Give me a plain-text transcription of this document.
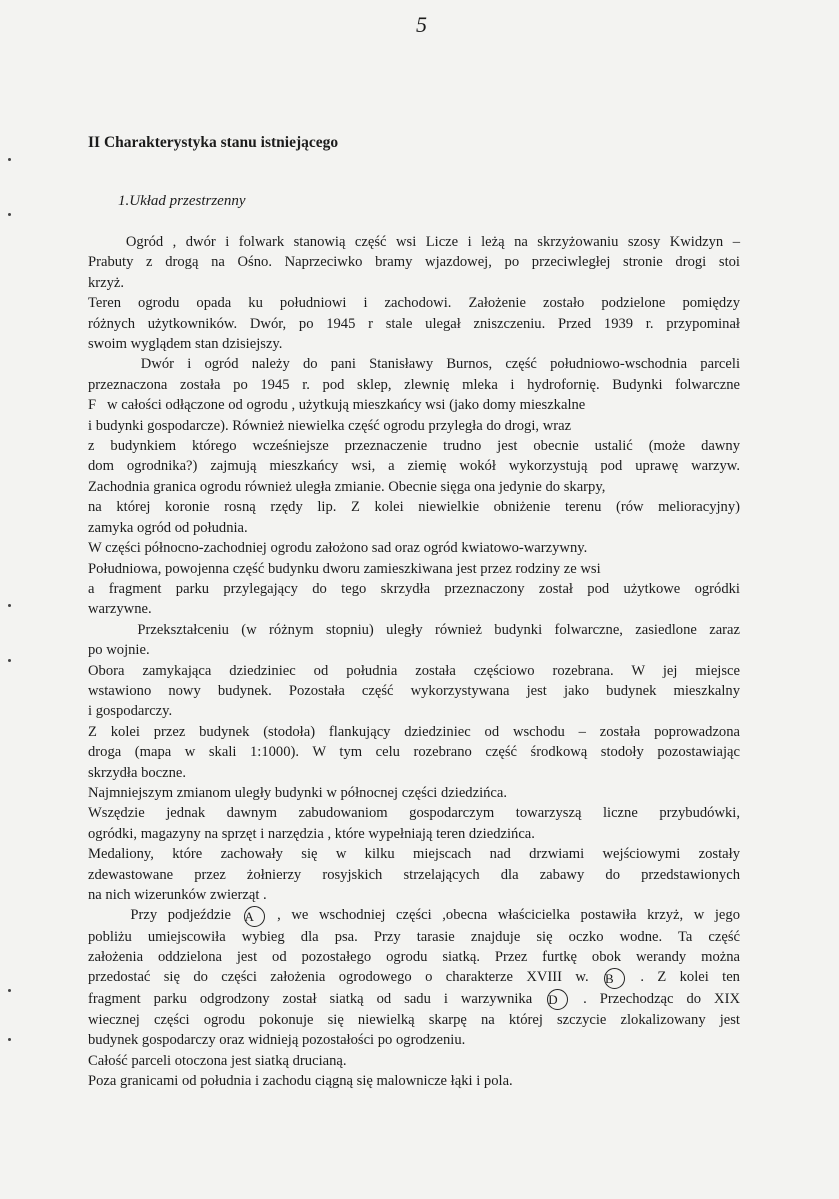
5
II Charakterystyka stanu istniejącego
1.Układ przestrzenny
Ogród , dwór i folwark stanowią część wsi Licze i leżą na skrzyżowaniu szosy Kwidzyn –
Prabuty z drogą na Ośno. Naprzeciwko bramy wjazdowej, po przeciwległej stronie drogi stoi
krzyż.
Teren ogrodu opada ku południowi i zachodowi. Założenie zostało podzielone pomiędzy
różnych użytkowników. Dwór, po 1945 r stale ulegał zniszczeniu. Przed 1939 r. przypominał
swoim wyglądem stan dzisiejszy.
Dwór i ogród należy do pani Stanisławy Burnos, część południowo-wschodnia parceli
przeznaczona została po 1945 r. pod sklep, zlewnię mleka i hydrofornię. Budynki folwarczne
F   w całości odłączone od ogrodu , użytkują mieszkańcy wsi (jako domy mieszkalne
i budynki gospodarcze). Również niewielka część ogrodu przyległa do drogi, wraz
z budynkiem którego wcześniejsze przeznaczenie trudno jest obecnie ustalić (może dawny
dom ogrodnika?) zajmują mieszkańcy wsi, a ziemię wokół wykorzystują pod uprawę warzyw.
Zachodnia granica ogrodu również uległa zmianie. Obecnie sięga ona jedynie do skarpy,
na której koronie rosną rzędy lip. Z kolei niewielkie obniżenie terenu (rów melioracyjny)
zamyka ogród od południa.
W części północno-zachodniej ogrodu założono sad oraz ogród kwiatowo-warzywny.
Południowa, powojenna część budynku dworu zamieszkiwana jest przez rodziny ze wsi
a fragment parku przylegający do tego skrzydła przeznaczony został pod użytkowe ogródki
warzywne.
Przekształceniu (w różnym stopniu) uległy również budynki folwarczne, zasiedlone zaraz
po wojnie.
Obora zamykająca dziedziniec od południa została częściowo rozebrana. W jej miejsce
wstawiono nowy budynek. Pozostała część wykorzystywana jest jako budynek mieszkalny
i gospodarczy.
Z kolei przez budynek (stodoła) flankujący dziedziniec od wschodu – została poprowadzona
droga (mapa w skali 1:1000). W tym celu rozebrano część środkową stodoły pozostawiając
skrzydła boczne.
Najmniejszym zmianom uległy budynki w północnej części dziedzińca.
Wszędzie jednak dawnym zabudowaniom gospodarczym towarzyszą liczne przybudówki,
ogródki, magazyny na sprzęt i narzędzia , które wypełniają teren dziedzińca.
Medaliony, które zachowały się w kilku miejscach nad drzwiami wejściowymi zostały
zdewastowane przez żołnierzy rosyjskich strzelających dla zabawy do przedstawionych
na nich wizerunków zwierząt .
Przy podjeździe A , we wschodniej części ,obecna właścicielka postawiła krzyż, w jego
pobliżu umiejscowiła wybieg dla psa. Przy tarasie znajduje się oczko wodne. Ta część
założenia oddzielona jest od pozostałego ogrodu siatką. Przez furtkę obok werandy można
przedostać się do części założenia ogrodowego o charakterze XVIII w. B . Z kolei ten
fragment parku odgrodzony został siatką od sadu i warzywnika D . Przechodząc do XIX
wiecznej części ogrodu pokonuje się niewielką skarpę na której szczycie zlokalizowany jest
budynek gospodarczy oraz widnieją pozostałości po ogrodzeniu.
Całość parceli otoczona jest siatką drucianą.
Poza granicami od południa i zachodu ciągną się malownicze łąki i pola.
